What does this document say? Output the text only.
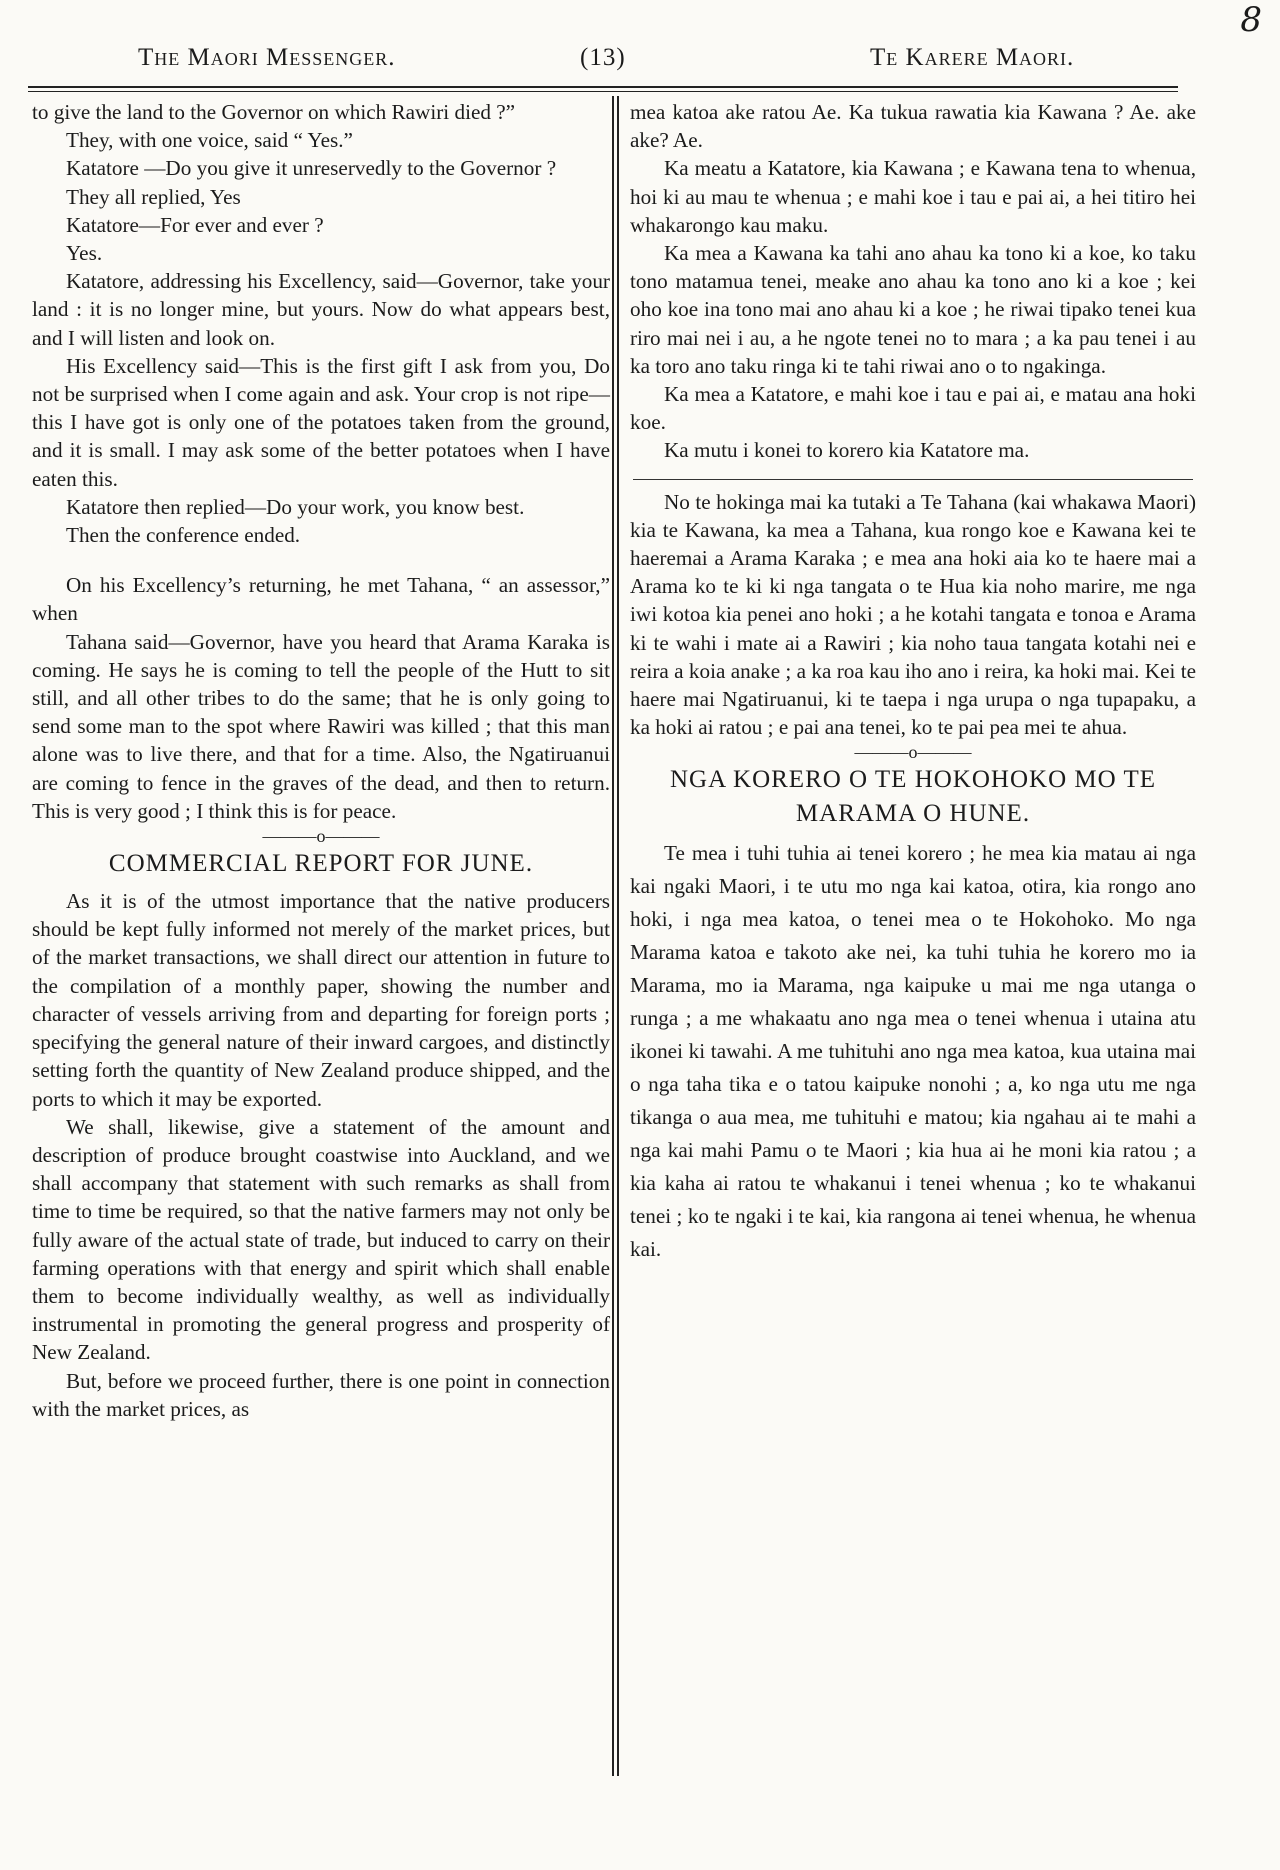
The Maori Messenger.	(13)	Te Karere Maori.
8

to give the land to the Governor on which Rawiri died ?”

They, with one voice, said “ Yes.”

Katatore —Do you give it unreservedly to the Governor ?

They all replied, Yes

Katatore—For ever and ever ?

Yes.

Katatore, addressing his Excellency, said—Governor, take your land : it is no longer mine, but yours. Now do what appears best, and I will listen and look on.

His Excellency said—This is the first gift I ask from you, Do not be surprised when I come again and ask. Your crop is not ripe—this I have got is only one of the potatoes taken from the ground, and it is small. I may ask some of the better potatoes when I have eaten this.

Katatore then replied—Do your work, you know best.

Then the conference ended.

On his Excellency’s returning, he met Tahana, “ an assessor,” when

Tahana said—Governor, have you heard that Arama Karaka is coming. He says he is coming to tell the people of the Hutt to sit still, and all other tribes to do the same; that he is only going to send some man to the spot where Rawiri was killed ; that this man alone was to live there, and that for a time. Also, the Ngatiruanui are coming to fence in the graves of the dead, and then to return. This is very good ; I think this is for peace.

———o———

COMMERCIAL REPORT FOR JUNE.

As it is of the utmost importance that the native producers should be kept fully informed not merely of the market prices, but of the market transactions, we shall direct our attention in future to the compilation of a monthly paper, showing the number and character of vessels arriving from and departing for foreign ports ; specifying the general nature of their inward cargoes, and distinctly setting forth the quantity of New Zealand produce shipped, and the ports to which it may be exported.

We shall, likewise, give a statement of the amount and description of produce brought coastwise into Auckland, and we shall accompany that statement with such remarks as shall from time to time be required, so that the native farmers may not only be fully aware of the actual state of trade, but induced to carry on their farming operations with that energy and spirit which shall enable them to become individually wealthy, as well as individually instrumental in promoting the general progress and prosperity of New Zealand.

But, before we proceed further, there is one point in connection with the market prices, as

mea katoa ake ratou Ae. Ka tukua rawatia kia Kawana ? Ae. ake ake? Ae.

Ka meatu a Katatore, kia Kawana ; e Kawana tena to whenua, hoi ki au mau te whenua ; e mahi koe i tau e pai ai, a hei titiro hei whakarongo kau maku.

Ka mea a Kawana ka tahi ano ahau ka tono ki a koe, ko taku tono matamua tenei, meake ano ahau ka tono ano ki a koe ; kei oho koe ina tono mai ano ahau ki a koe ; he riwai tipako tenei kua riro mai nei i au, a he ngote tenei no to mara ; a ka pau tenei i au ka toro ano taku ringa ki te tahi riwai ano o to ngakinga.

Ka mea a Katatore, e mahi koe i tau e pai ai, e matau ana hoki koe.

Ka mutu i konei to korero kia Katatore ma.

No te hokinga mai ka tutaki a Te Tahana (kai whakawa Maori) kia te Kawana, ka mea a Tahana, kua rongo koe e Kawana kei te haeremai a Arama Karaka ; e mea ana hoki aia ko te haere mai a Arama ko te ki ki nga tangata o te Hua kia noho marire, me nga iwi kotoa kia penei ano hoki ; a he kotahi tangata e tonoa e Arama ki te wahi i mate ai a Rawiri ; kia noho taua tangata kotahi nei e reira a koia anake ; a ka roa kau iho ano i reira, ka hoki mai. Kei te haere mai Ngatiruanui, ki te taepa i nga urupa o nga tupapaku, a ka hoki ai ratou ; e pai ana tenei, ko te pai pea mei te ahua.

———o———

NGA KORERO O TE HOKOHOKO MO TE MARAMA O HUNE.

Te mea i tuhi tuhia ai tenei korero ; he mea kia matau ai nga kai ngaki Maori, i te utu mo nga kai katoa, otira, kia rongo ano hoki, i nga mea katoa, o tenei mea o te Hokohoko. Mo nga Marama katoa e takoto ake nei, ka tuhi tuhia he korero mo ia Marama, mo ia Marama, nga kaipuke u mai me nga utanga o runga ; a me whakaatu ano nga mea o tenei whenua i utaina atu ikonei ki tawahi. A me tuhituhi ano nga mea katoa, kua utaina mai o nga taha tika e o tatou kaipuke nonohi ; a, ko nga utu me nga tikanga o aua mea, me tuhituhi e matou; kia ngahau ai te mahi a nga kai mahi Pamu o te Maori ; kia hua ai he moni kia ratou ; a kia kaha ai ratou te whakanui i tenei whenua ; ko te whakanui tenei ; ko te ngaki i te kai, kia rangona ai tenei whenua, he whenua kai.
